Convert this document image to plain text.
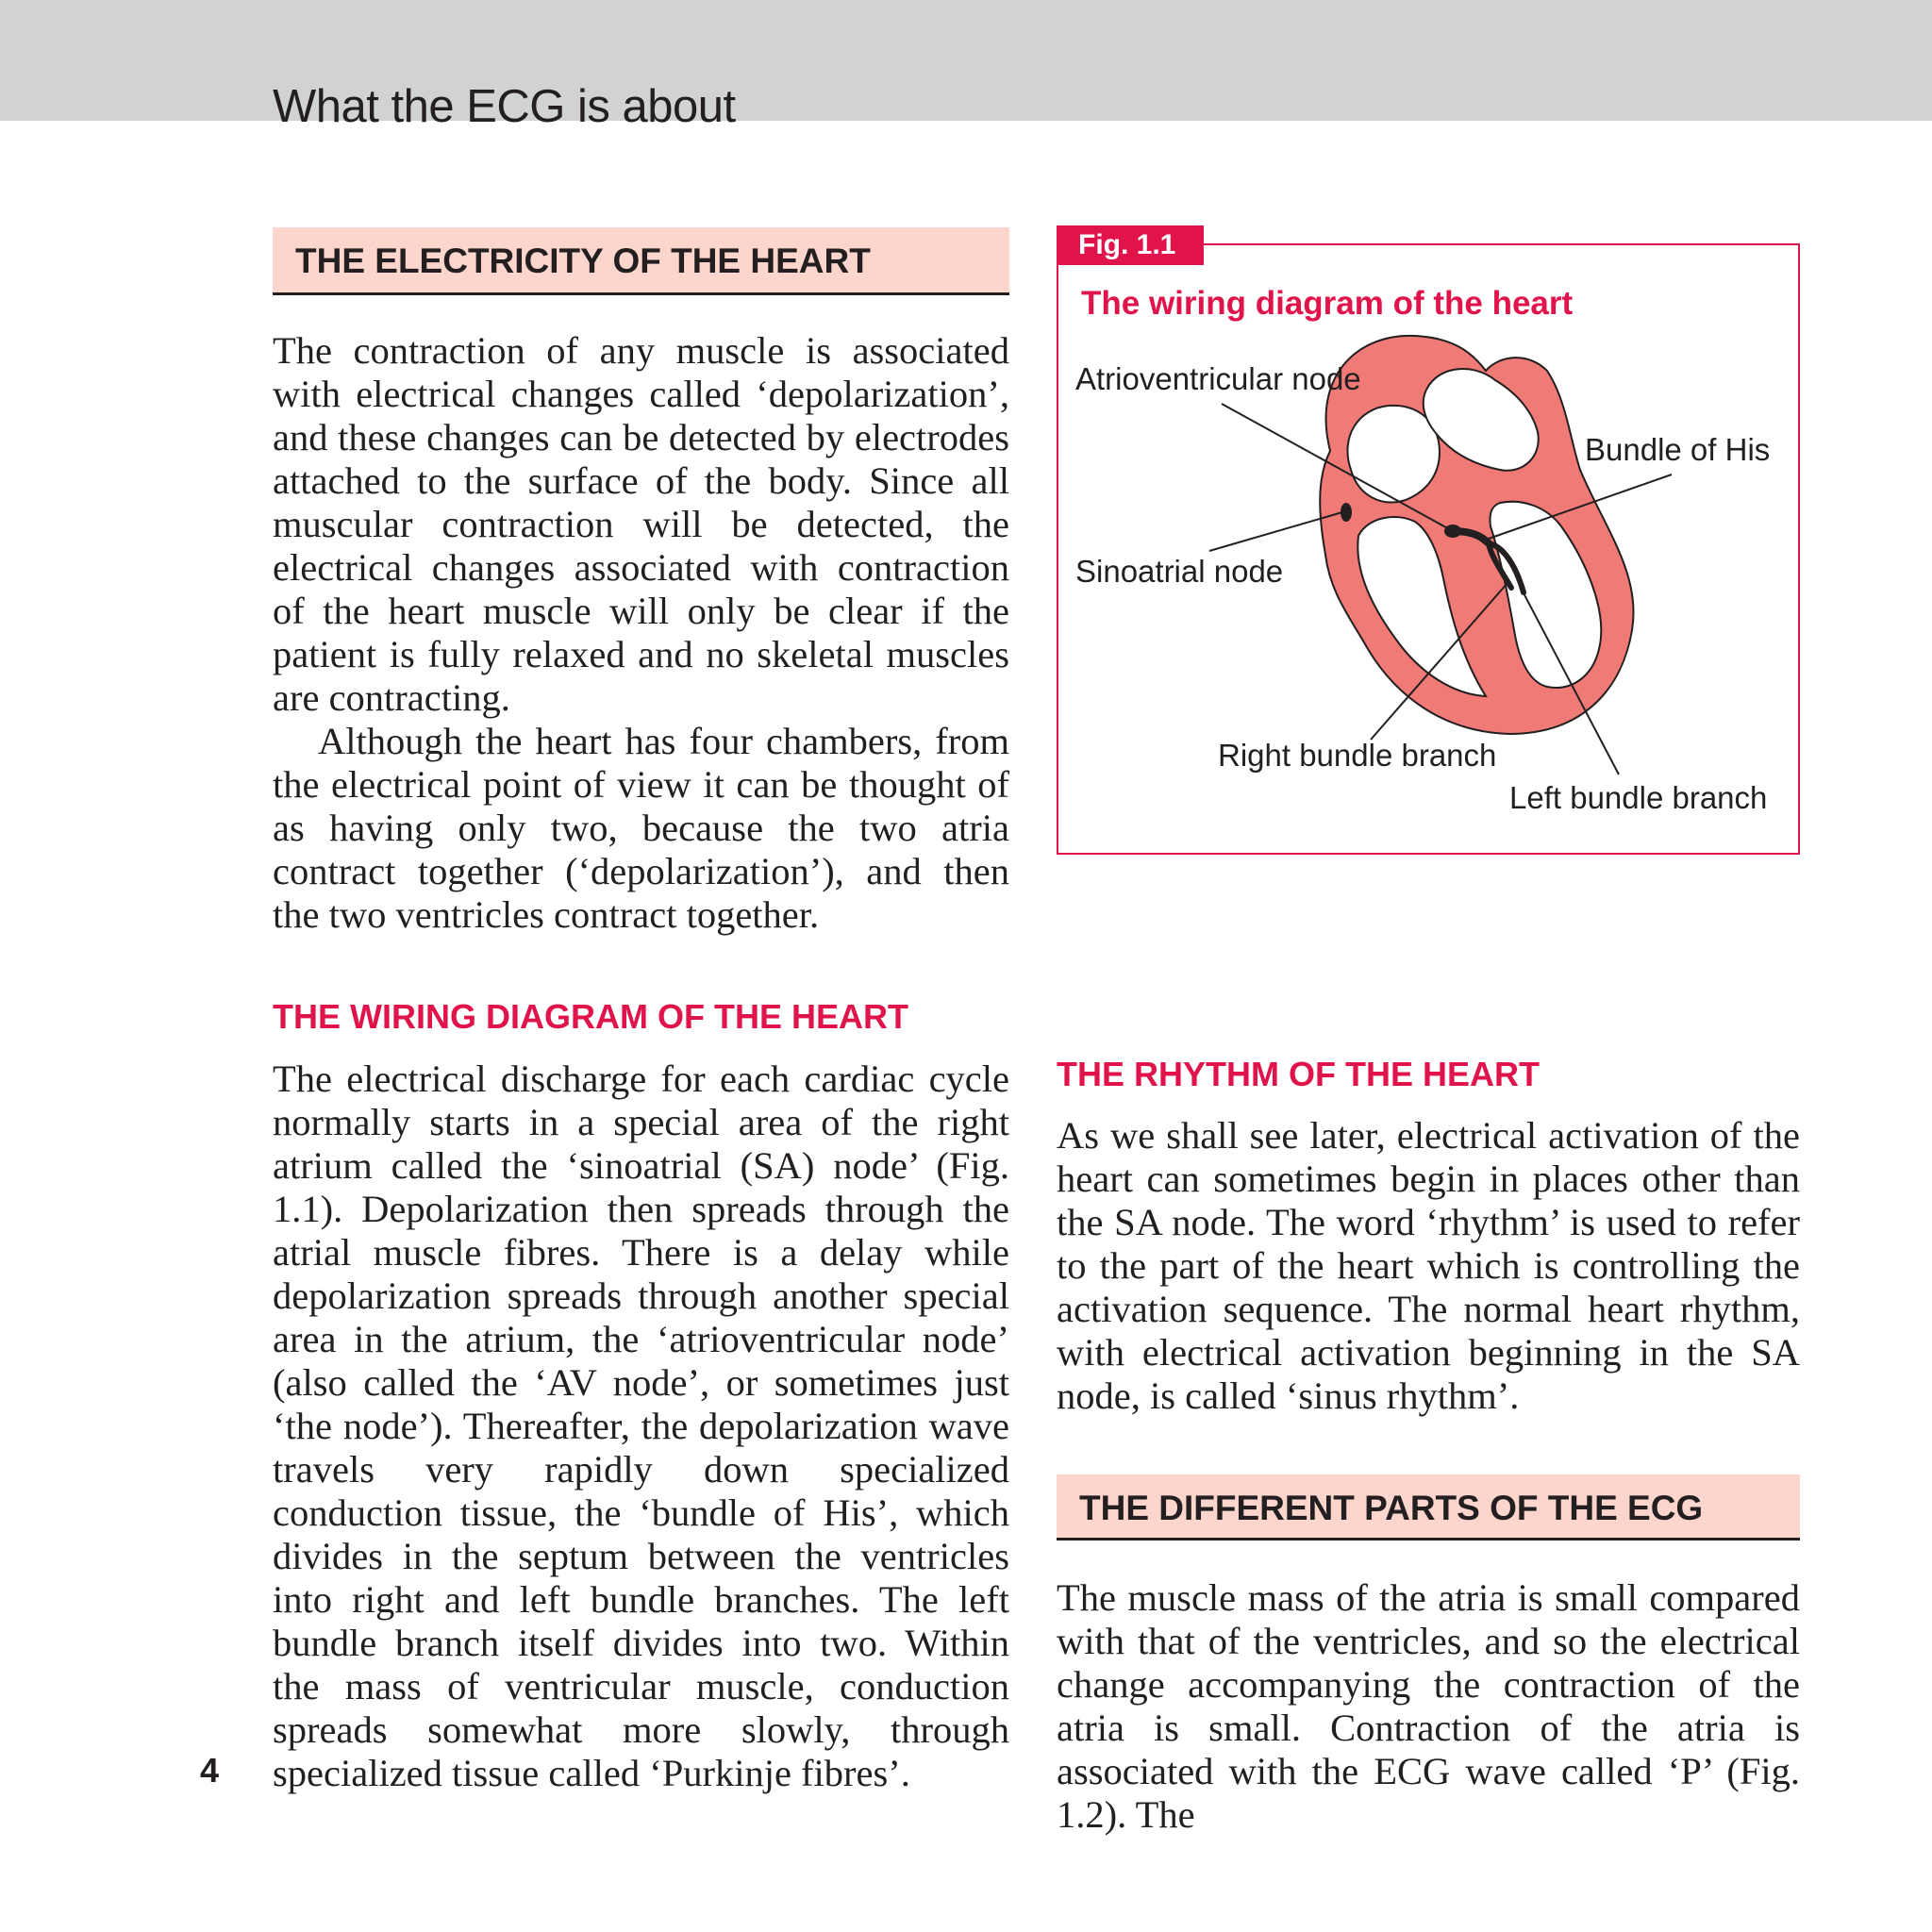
What the ECG is about
THE ELECTRICITY OF THE HEART

The contraction of any muscle is associated with electrical changes called ‘depolarization’, and these changes can be detected by electrodes attached to the surface of the body. Since all muscular contraction will be detected, the electrical changes associated with contraction of the heart muscle will only be clear if the patient is fully relaxed and no skeletal muscles are contracting.

Although the heart has four chambers, from the electrical point of view it can be thought of as having only two, because the two atria contract together (‘depolarization’), and then the two ventricles contract together.

THE WIRING DIAGRAM OF THE HEART

The electrical discharge for each cardiac cycle normally starts in a special area of the right atrium called the ‘sinoatrial (SA) node’ (Fig. 1.1). Depolarization then spreads through the atrial muscle fibres. There is a delay while depolarization spreads through another special area in the atrium, the ‘atrioventricular node’ (also called the ‘AV node’, or sometimes just ‘the node’). Thereafter, the depolarization wave travels very rapidly down specialized conduction tissue, the ‘bundle of His’, which divides in the septum between the ventricles into right and left bundle branches. The left bundle branch itself divides into two. Within the mass of ventricular muscle, conduction spreads somewhat more slowly, through specialized tissue called ‘Purkinje fibres’.

4

Fig. 1.1
The wiring diagram of the heart

Atrioventricular node

Bundle of His

Sinoatrial node

Right bundle branch

Left bundle branch

THE RHYTHM OF THE HEART

As we shall see later, electrical activation of the heart can sometimes begin in places other than the SA node. The word ‘rhythm’ is used to refer to the part of the heart which is controlling the activation sequence. The normal heart rhythm, with electrical activation beginning in the SA node, is called ‘sinus rhythm’.

THE DIFFERENT PARTS OF THE ECG

The muscle mass of the atria is small compared with that of the ventricles, and so the electrical change accompanying the contraction of the atria is small. Contraction of the atria is associated with the ECG wave called ‘P’ (Fig. 1.2). The
